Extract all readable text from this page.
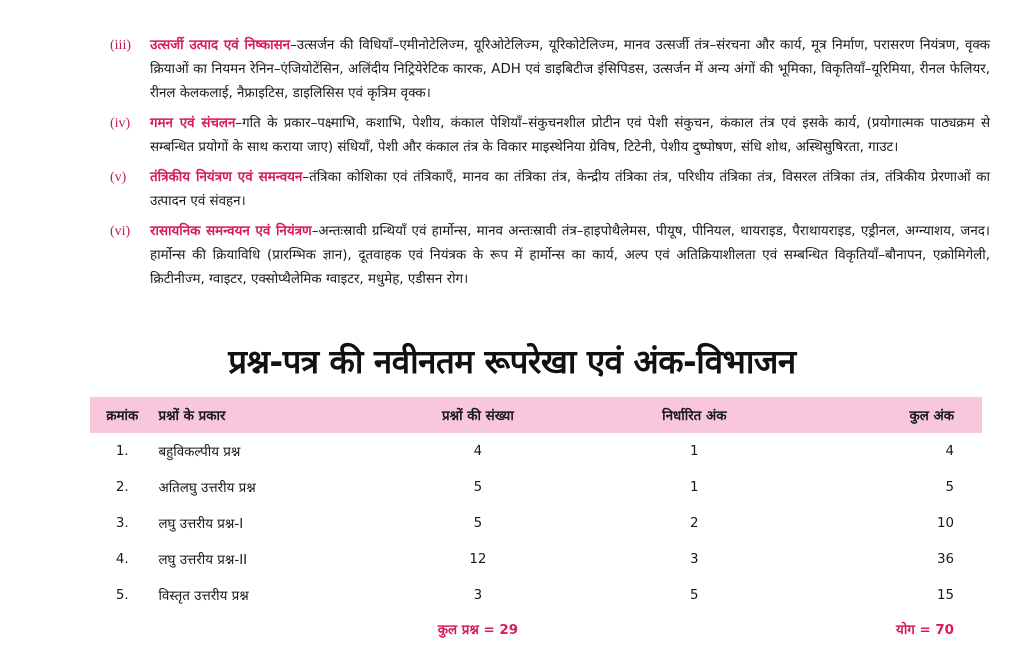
(iii)	उत्सर्जी उत्पाद एवं निष्कासन–उत्सर्जन की विधियाँ–एमीनोटेलिज्म, यूरिओटेलिज्म, यूरिकोटेलिज्म, मानव उत्सर्जी तंत्र–संरचना और कार्य, मूत्र निर्माण, परासरण नियंत्रण, वृक्क क्रियाओं का नियमन रेनिन–एंजियोटेंसिन, अलिंदीय निट्रियेरेटिक कारक, ADH एवं डाइबिटीज इंसिपिडस, उत्सर्जन में अन्य अंगों की भूमिका, विकृतियाँ–यूरिमिया, रीनल फेलियर, रीनल केलकलाई, नैफ्राइटिस, डाइलिसिस एवं कृत्रिम वृक्क।
(iv)	गमन एवं संचलन–गति के प्रकार–पक्ष्माभि, कशाभि, पेशीय, कंकाल पेशियाँ–संकुचनशील प्रोटीन एवं पेशी संकुचन, कंकाल तंत्र एवं इसके कार्य, (प्रयोगात्मक पाठ्यक्रम से सम्बन्धित प्रयोगों के साथ कराया जाए) संधियाँ, पेशी और कंकाल तंत्र के विकार माइस्थेनिया ग्रेविष, टिटेनी, पेशीय दुष्पोषण, संधि शोथ, अस्थिसुषिरता, गाउट।
(v)	तंत्रिकीय नियंत्रण एवं समन्वयन–तंत्रिका कोशिका एवं तंत्रिकाएँ, मानव का तंत्रिका तंत्र, केन्द्रीय तंत्रिका तंत्र, परिधीय तंत्रिका तंत्र, विसरल तंत्रिका तंत्र, तंत्रिकीय प्रेरणाओं का उत्पादन एवं संवहन।
(vi)	रासायनिक समन्वयन एवं नियंत्रण–अन्तःस्रावी ग्रन्थियाँ एवं हार्मोन्स, मानव अन्तःस्रावी तंत्र–हाइपोथैलेमस, पीयूष, पीनियल, थायराइड, पैराथायराइड, एड्रीनल, अग्न्याशय, जनद। हार्मोन्स की क्रियाविधि (प्रारम्भिक ज्ञान), दूतवाहक एवं नियंत्रक के रूप में हार्मोन्स का कार्य, अल्प एवं अतिक्रियाशीलता एवं सम्बन्धित विकृतियाँ–बौनापन, एक्रोमिगेली, क्रिटीनीज्म, ग्वाइटर, एक्सोप्थैलेमिक ग्वाइटर, मधुमेह, एडीसन रोग।
प्रश्न-पत्र की नवीनतम रूपरेखा एवं अंक-विभाजन
क्रमांक	प्रश्नों के प्रकार	प्रश्नों की संख्या	निर्धारित अंक	कुल अंक
1.	बहुविकल्पीय प्रश्न	4	1	4
2.	अतिलघु उत्तरीय प्रश्न	5	1	5
3.	लघु उत्तरीय प्रश्न-I	5	2	10
4.	लघु उत्तरीय प्रश्न-II	12	3	36
5.	विस्तृत उत्तरीय प्रश्न	3	5	15
		कुल प्रश्न = 29		योग = 70
